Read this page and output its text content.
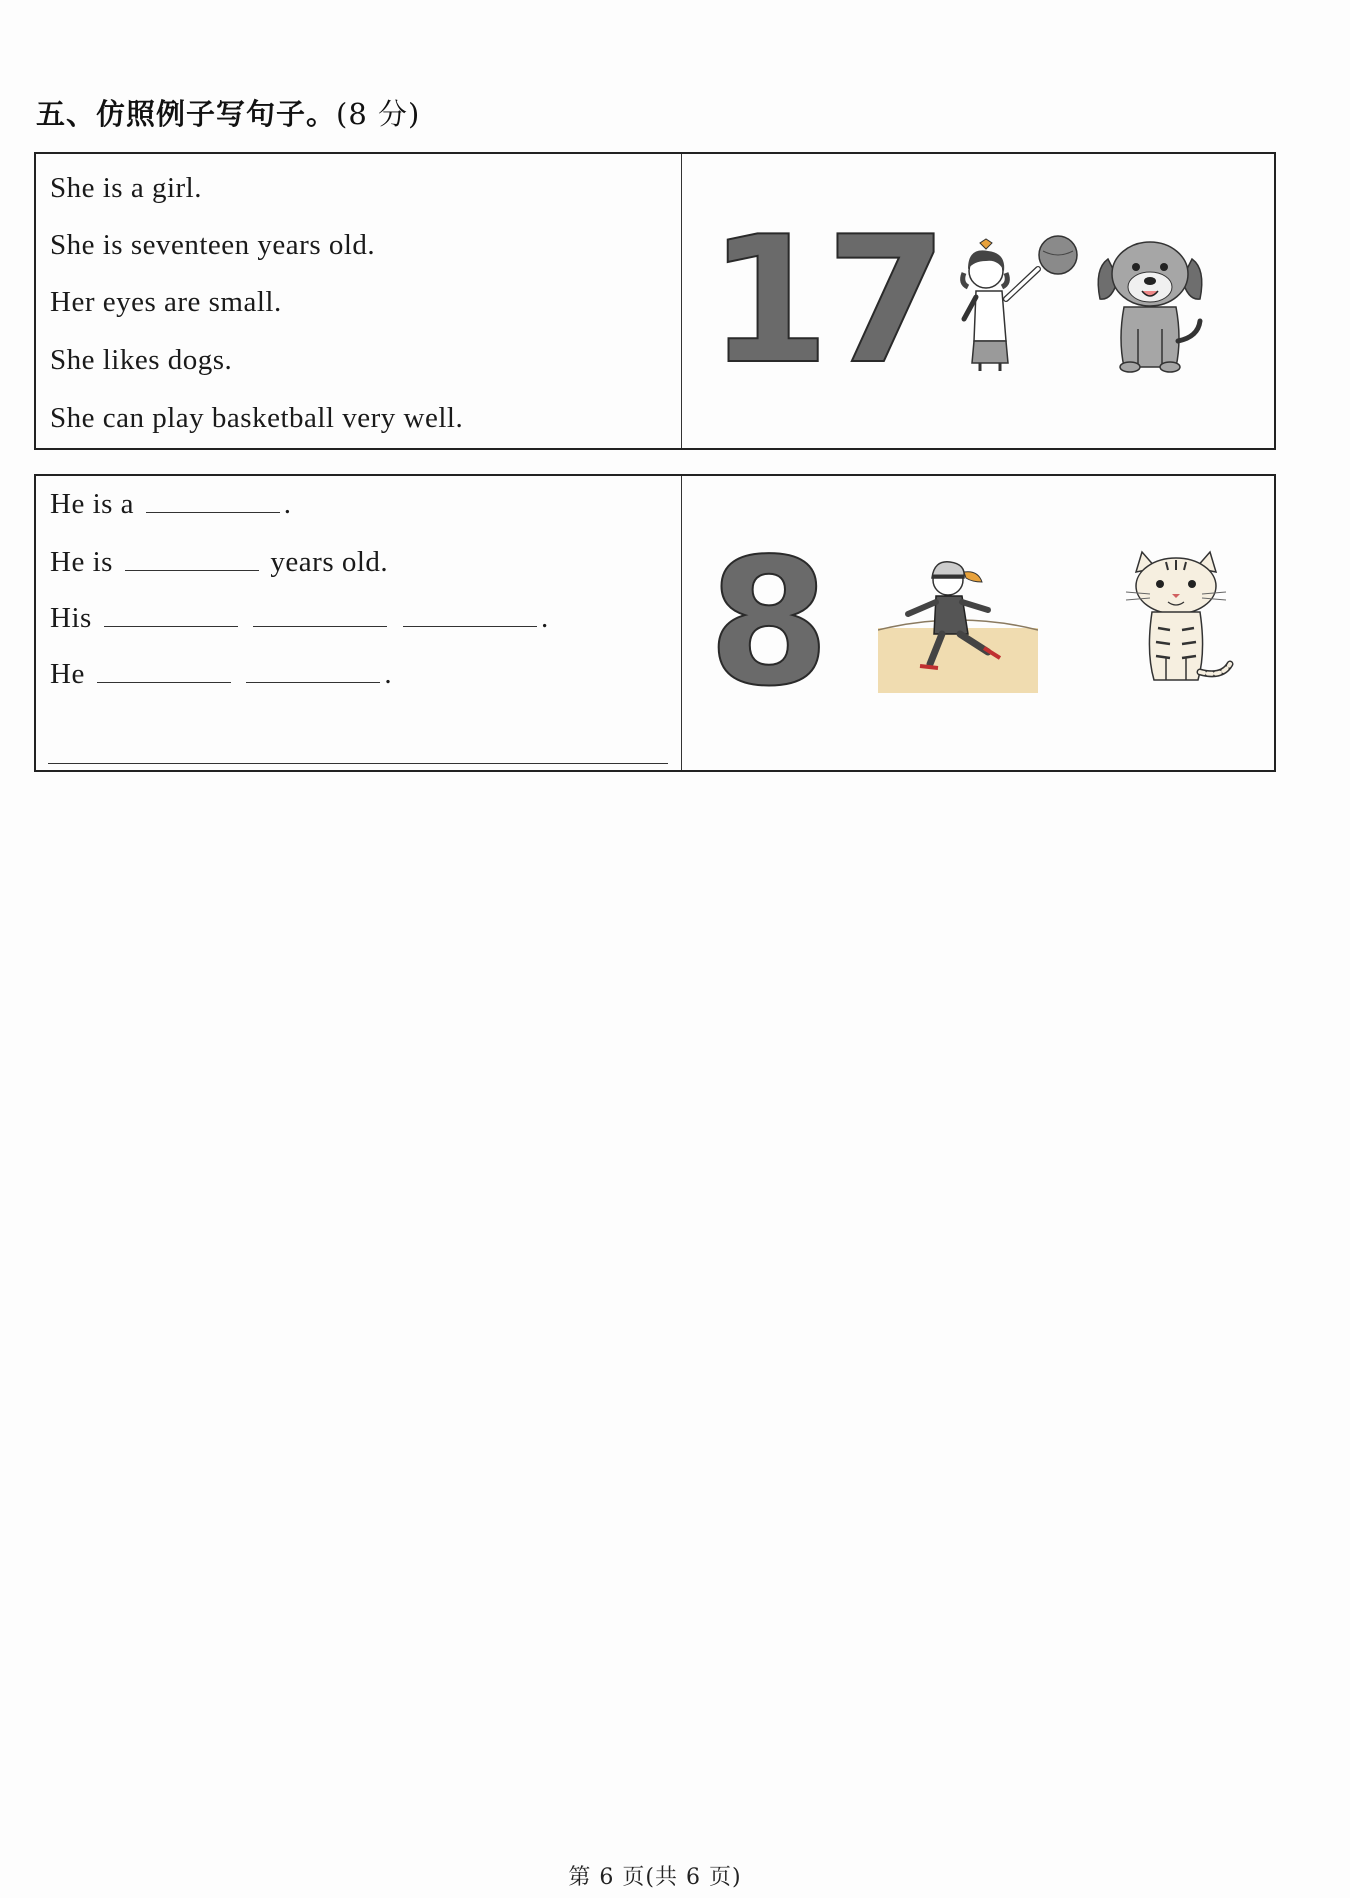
五、仿照例子写句子。(8 分)
She is a girl.
She is seventeen years old.
Her eyes are small.
She likes dogs.
She can play basketball very well.
17
He is a	.
He is	years old.
His	.
He	. 8
第 6 页(共 6 页)
